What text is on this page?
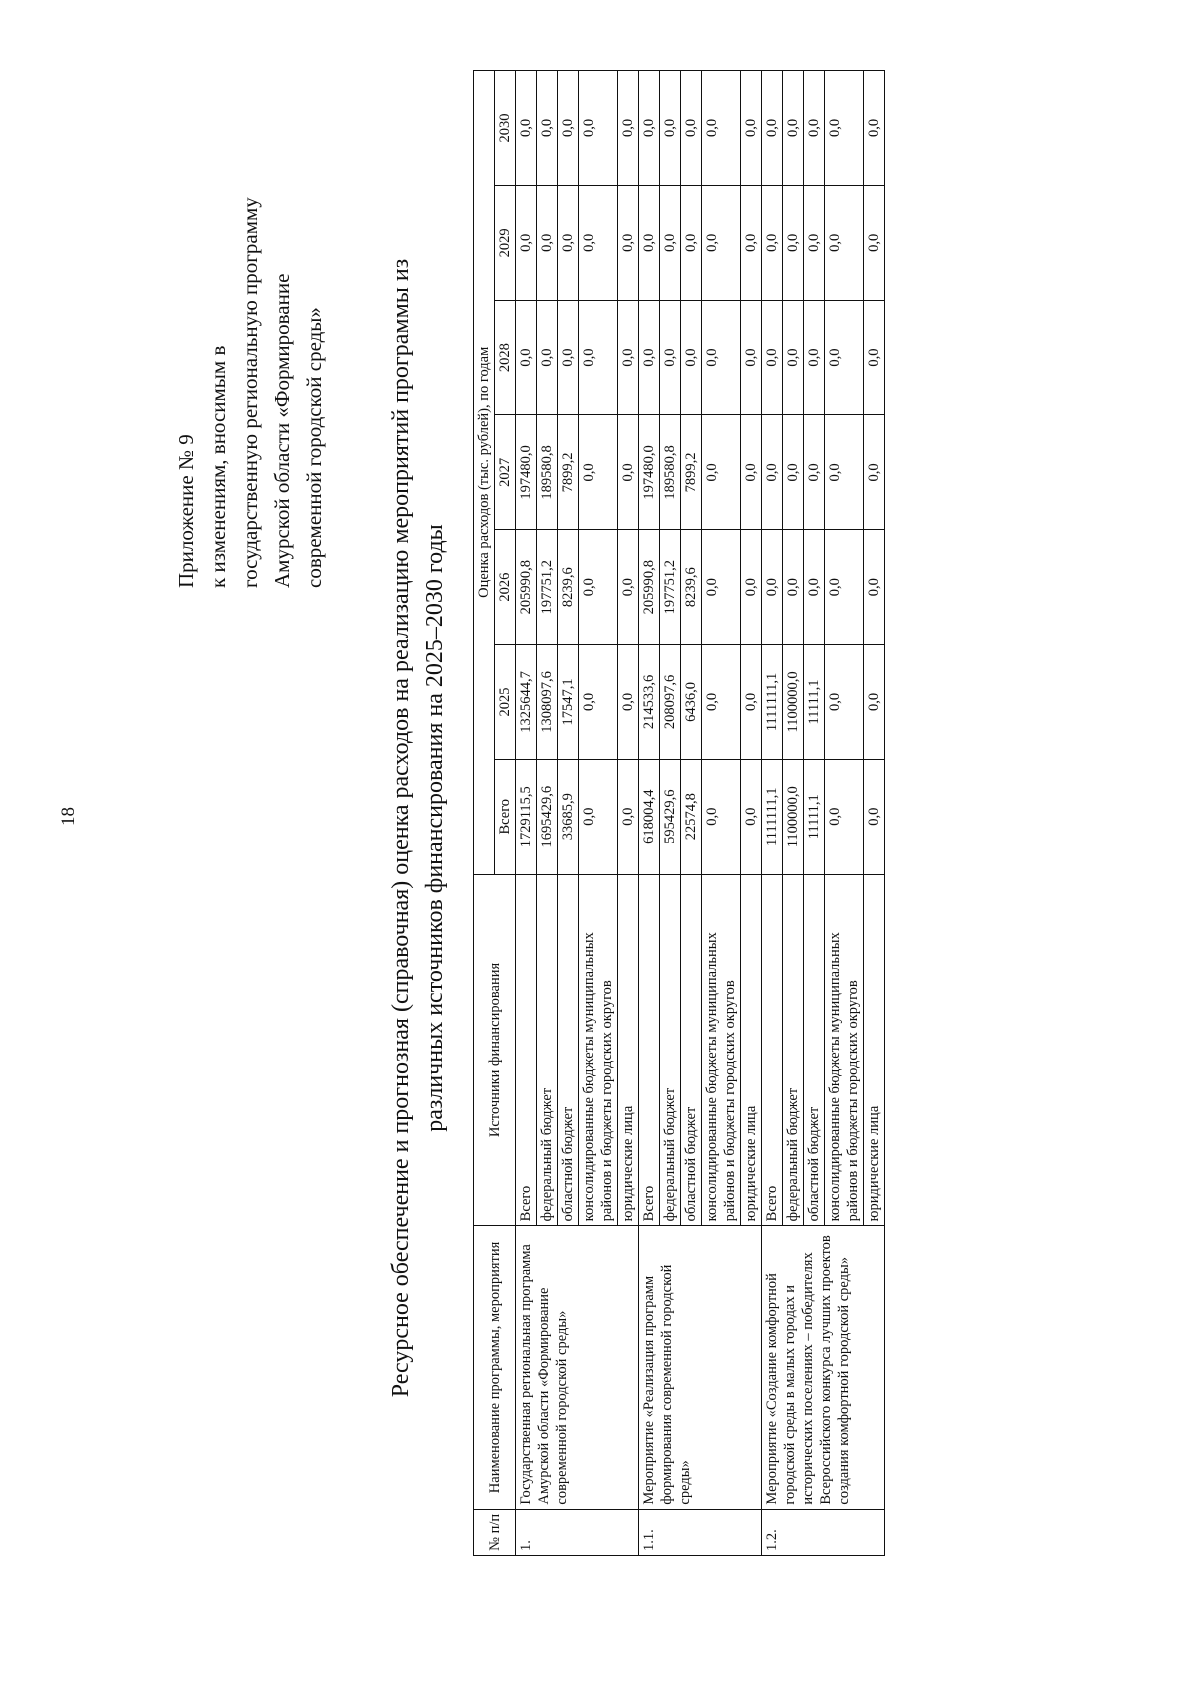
18
Приложение № 9 к изменениям, вносимым в государственную региональную программу Амурской области «Формирование современной городской среды»	Ресурсное обеспечение и прогнозная (справочная) оценка расходов на реализацию мероприятий программы из различных источников финансирования на 2025–2030 годы
№ п/п	Наименование программы, мероприятия	Источники финансирования	Оценка расходов (тыс. рублей), по годам						
			Всего	2025	2026	2027	2028	2029	2030
1.	Государственная региональная программа Амурской области «Формирование современной городской среды»	Всего	1729115,5	1325644,7	205990,8	197480,0	0,0	0,0	0,0
		федеральный бюджет	1695429,6	1308097,6	197751,2	189580,8	0,0	0,0	0,0
		областной бюджет	33685,9	17547,1	8239,6	7899,2	0,0	0,0	0,0
		консолидированные бюджеты муниципальных районов и бюджеты городских округов	0,0	0,0	0,0	0,0	0,0	0,0	0,0
		юридические лица	0,0	0,0	0,0	0,0	0,0	0,0	0,0
1.1.	Мероприятие «Реализация программ формирования современной городской среды»	Всего	618004,4	214533,6	205990,8	197480,0	0,0	0,0	0,0
		федеральный бюджет	595429,6	208097,6	197751,2	189580,8	0,0	0,0	0,0
		областной бюджет	22574,8	6436,0	8239,6	7899,2	0,0	0,0	0,0
		консолидированные бюджеты муниципальных районов и бюджеты городских округов	0,0	0,0	0,0	0,0	0,0	0,0	0,0
		юридические лица	0,0	0,0	0,0	0,0	0,0	0,0	0,0
1.2.	Мероприятие «Создание комфортной городской среды в малых городах и исторических поселениях – победителях Всероссийского конкурса лучших проектов создания комфортной городской среды»	Всего	1111111,1	1111111,1	0,0	0,0	0,0	0,0	0,0
		федеральный бюджет	1100000,0	1100000,0	0,0	0,0	0,0	0,0	0,0
		областной бюджет	11111,1	11111,1	0,0	0,0	0,0	0,0	0,0
		консолидированные бюджеты муниципальных районов и бюджеты городских округов	0,0	0,0	0,0	0,0	0,0	0,0	0,0
		юридические лица	0,0	0,0	0,0	0,0	0,0	0,0	0,0
